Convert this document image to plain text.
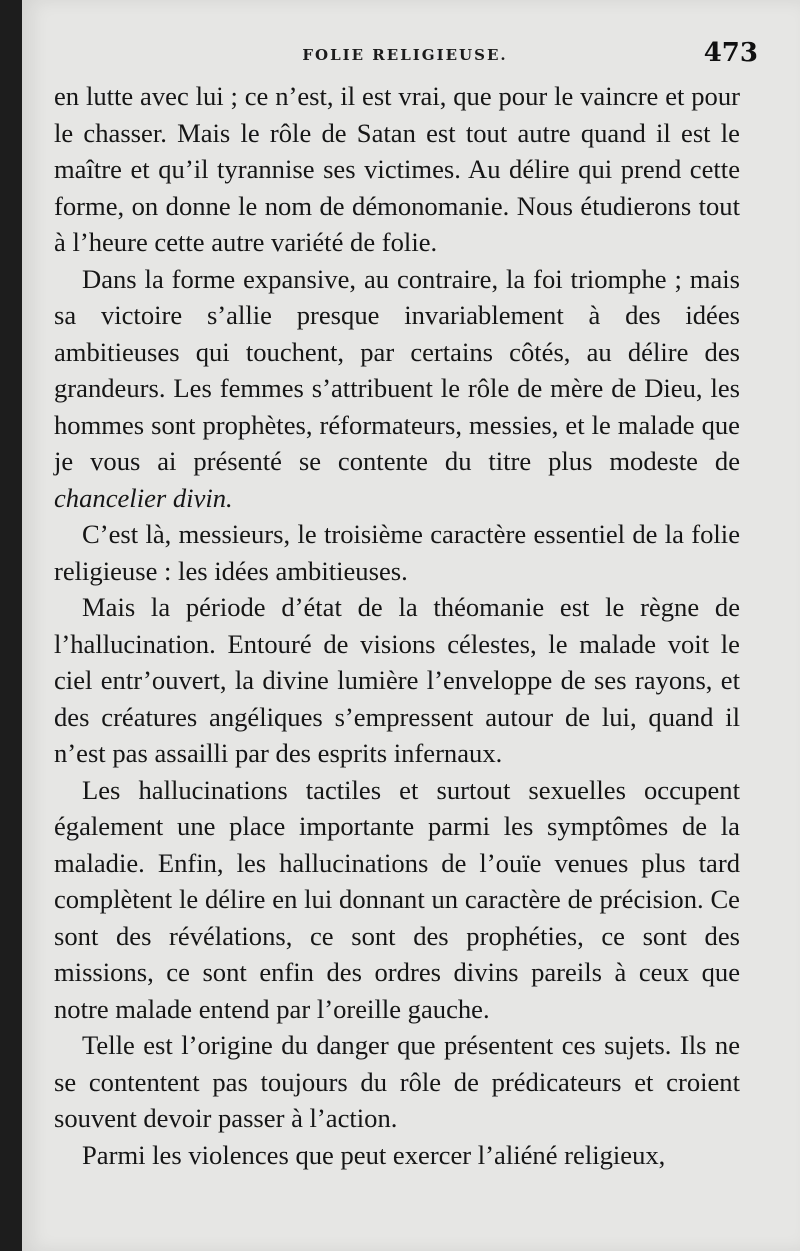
FOLIE RELIGIEUSE.	473

en lutte avec lui ; ce n’est, il est vrai, que pour le vaincre et pour le chasser. Mais le rôle de Satan est tout autre quand il est le maître et qu’il tyrannise ses victimes. Au délire qui prend cette forme, on donne le nom de démonomanie. Nous étudierons tout à l’heure cette autre variété de folie.

Dans la forme expansive, au contraire, la foi triomphe ; mais sa victoire s’allie presque invariablement à des idées ambitieuses qui touchent, par certains côtés, au délire des grandeurs. Les femmes s’attribuent le rôle de mère de Dieu, les hommes sont prophètes, réformateurs, messies, et le malade que je vous ai présenté se contente du titre plus modeste de chancelier divin.

C’est là, messieurs, le troisième caractère essentiel de la folie religieuse : les idées ambitieuses.

Mais la période d’état de la théomanie est le règne de l’hallucination. Entouré de visions célestes, le malade voit le ciel entr’ouvert, la divine lumière l’enveloppe de ses rayons, et des créatures angéliques s’empressent autour de lui, quand il n’est pas assailli par des esprits infernaux.

Les hallucinations tactiles et surtout sexuelles occupent également une place importante parmi les symptômes de la maladie. Enfin, les hallucinations de l’ouïe venues plus tard complètent le délire en lui donnant un caractère de précision. Ce sont des révélations, ce sont des prophéties, ce sont des missions, ce sont enfin des ordres divins pareils à ceux que notre malade entend par l’oreille gauche.

Telle est l’origine du danger que présentent ces sujets. Ils ne se contentent pas toujours du rôle de prédicateurs et croient souvent devoir passer à l’action.

Parmi les violences que peut exercer l’aliéné religieux,
